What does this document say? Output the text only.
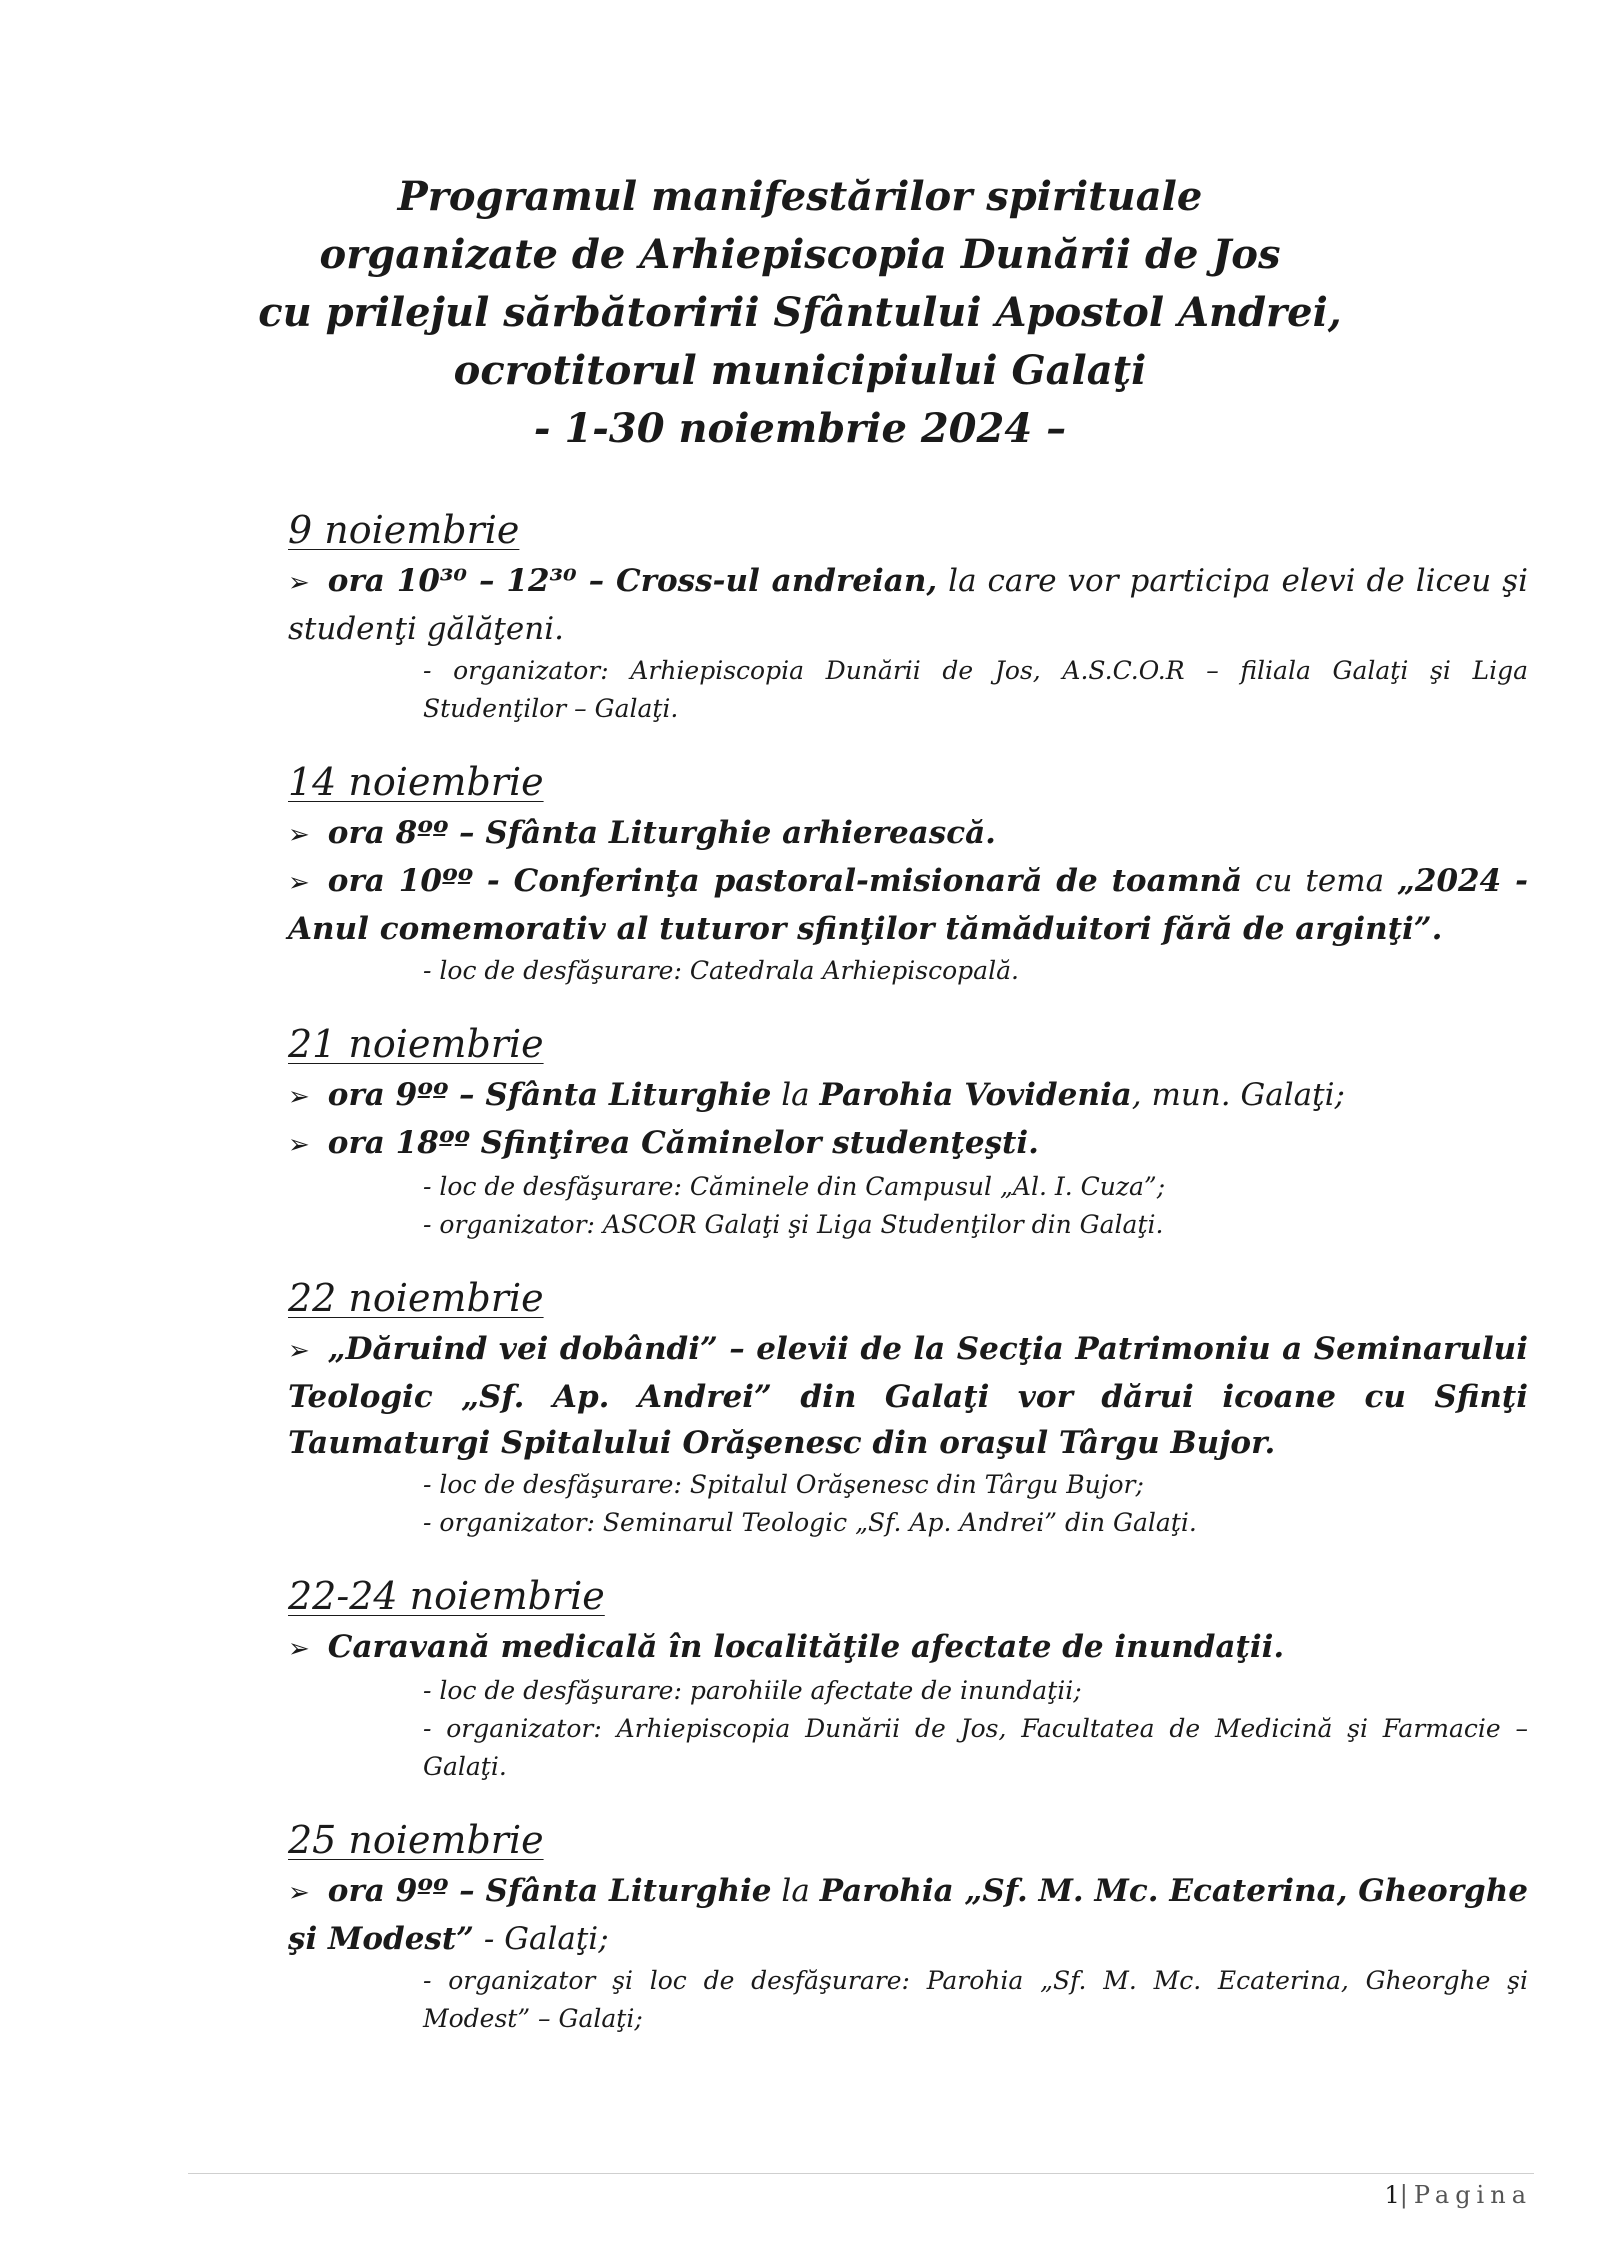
Programul manifestărilor spirituale
organizate de Arhiepiscopia Dunării de Jos
cu prilejul sărbătoririi Sfântului Apostol Andrei,
ocrotitorul municipiului Galaţi
- 1-30 noiembrie 2024 –
9 noiembrie
➢ ora 10³⁰ – 12³⁰ – Cross-ul andreian, la care vor participa elevi de liceu şi studenţi gălăţeni.
- organizator: Arhiepiscopia Dunării de Jos, A.S.C.O.R – filiala Galaţi şi Liga Studenţilor – Galaţi.
14 noiembrie
➢ ora 8ºº – Sfânta Liturghie arhierească.
➢ ora 10ºº - Conferinţa pastoral-misionară de toamnă cu tema „2024 -Anul comemorativ al tuturor sfinţilor tămăduitori fără de arginţi”.
- loc de desfăşurare: Catedrala Arhiepiscopală.
21 noiembrie
➢ ora 9ºº – Sfânta Liturghie la Parohia Vovidenia, mun. Galaţi;
➢ ora 18ºº Sfinţirea Căminelor studenţeşti.
- loc de desfăşurare: Căminele din Campusul „Al. I. Cuza”;
- organizator: ASCOR Galaţi şi Liga Studenţilor din Galaţi.
22 noiembrie
➢ „Dăruind vei dobândi” – elevii de la Secţia Patrimoniu a Seminarului Teologic „Sf. Ap. Andrei” din Galaţi vor dărui icoane cu Sfinţi Taumaturgi Spitalului Orăşenesc din oraşul Târgu Bujor.
- loc de desfăşurare: Spitalul Orăşenesc din Târgu Bujor;
- organizator: Seminarul Teologic „Sf. Ap. Andrei” din Galaţi.
22-24 noiembrie
➢ Caravană medicală în localităţile afectate de inundaţii.
- loc de desfăşurare: parohiile afectate de inundaţii;
- organizator: Arhiepiscopia Dunării de Jos, Facultatea de Medicină şi Farmacie – Galaţi.
25 noiembrie
➢ ora 9ºº – Sfânta Liturghie la Parohia „Sf. M. Mc. Ecaterina, Gheorghe şi Modest” - Galaţi;
- organizator şi loc de desfăşurare: Parohia „Sf. M. Mc. Ecaterina, Gheorghe şi Modest” – Galaţi;
1|Pagina
